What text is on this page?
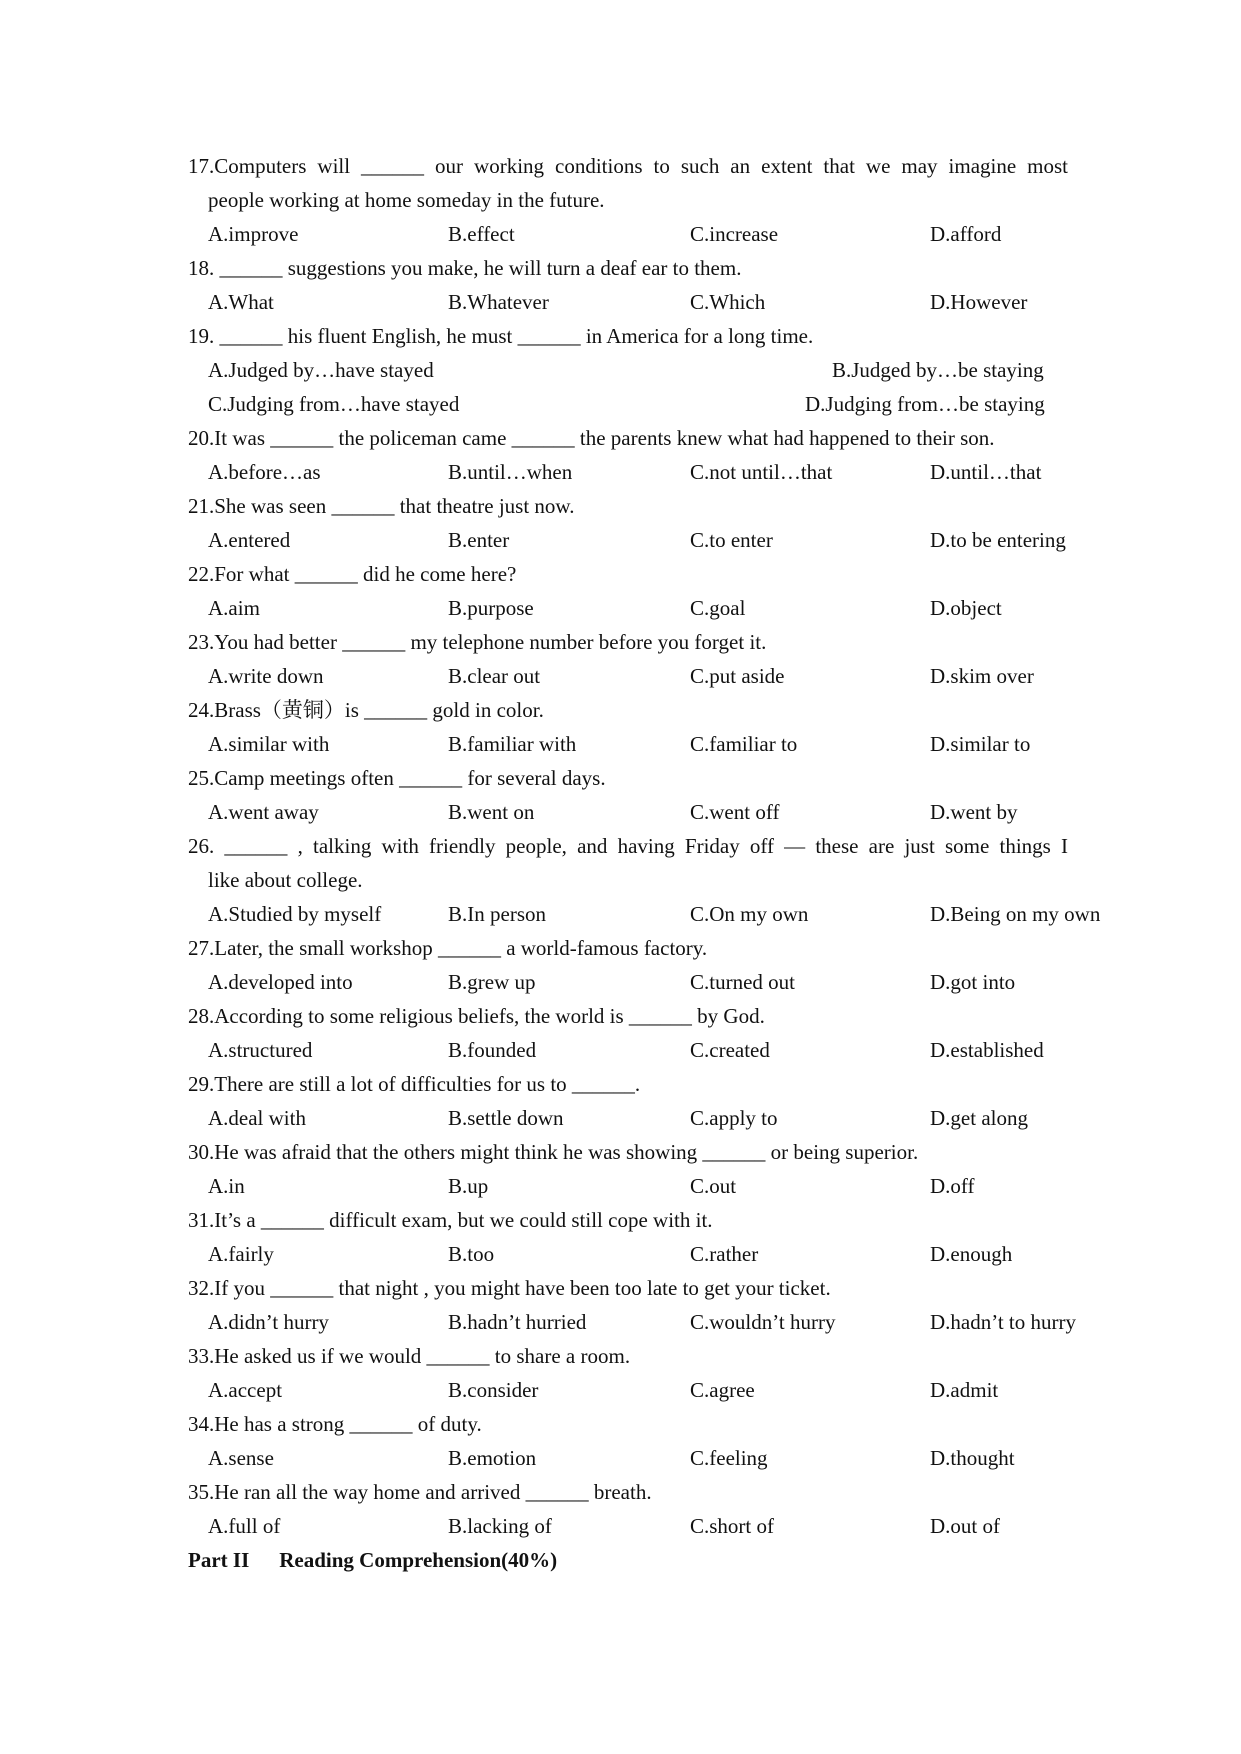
17.Computers will ______ our working conditions to such an extent that we may imagine most
people working at home someday in the future.
A.improve	B.effect	C.increase	D.afford
18. ______ suggestions you make, he will turn a deaf ear to them.
A.What	B.Whatever	C.Which	D.However
19. ______ his fluent English, he must ______ in America for a long time.
A.Judged by…have stayed	B.Judged by…be staying
C.Judging from…have stayed	D.Judging from…be staying
20.It was ______ the policeman came ______ the parents knew what had happened to their son.
A.before…as	B.until…when	C.not until…that	D.until…that
21.She was seen ______ that theatre just now.
A.entered	B.enter	C.to enter	D.to be entering
22.For what ______ did he come here?
A.aim	B.purpose	C.goal	D.object
23.You had better ______ my telephone number before you forget it.
A.write down	B.clear out	C.put aside	D.skim over
24.Brass（黄铜）is ______ gold in color.
A.similar with	B.familiar with	C.familiar to	D.similar to
25.Camp meetings often ______ for several days.
A.went away	B.went on	C.went off	D.went by
26. ______ , talking with friendly people, and having Friday off — these are just some things I
like about college.
A.Studied by myself	B.In person	C.On my own	D.Being on my own
27.Later, the small workshop ______ a world-famous factory.
A.developed into	B.grew up	C.turned out	D.got into
28.According to some religious beliefs, the world is ______ by God.
A.structured	B.founded	C.created	D.established
29.There are still a lot of difficulties for us to ______.
A.deal with	B.settle down	C.apply to	D.get along
30.He was afraid that the others might think he was showing ______ or being superior.
A.in	B.up	C.out	D.off
31.It’s a ______ difficult exam, but we could still cope with it.
A.fairly	B.too	C.rather	D.enough
32.If you ______ that night , you might have been too late to get your ticket.
A.didn’t hurry	B.hadn’t hurried	C.wouldn’t hurry	D.hadn’t to hurry
33.He asked us if we would ______ to share a room.
A.accept	B.consider	C.agree	D.admit
34.He has a strong ______ of duty.
A.sense	B.emotion	C.feeling	D.thought
35.He ran all the way home and arrived ______ breath.
A.full of	B.lacking of	C.short of	D.out of
Part II Reading Comprehension(40%)
